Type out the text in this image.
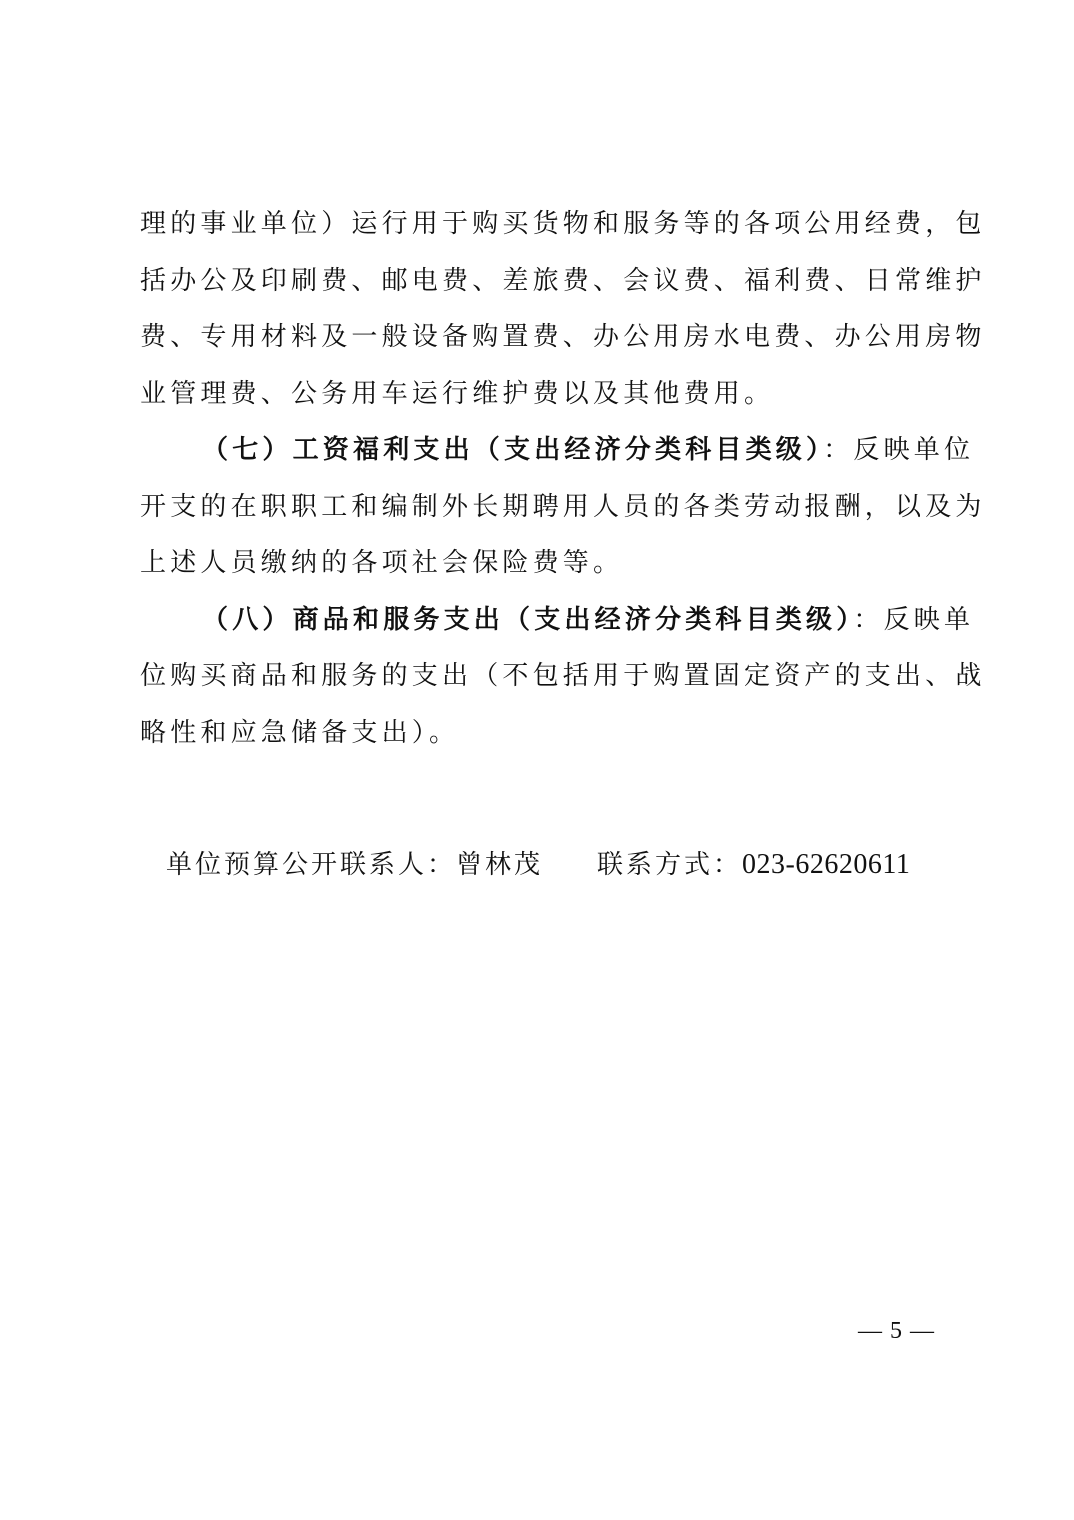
理的事业单位）运行用于购买货物和服务等的各项公用经费，包
括办公及印刷费、邮电费、差旅费、会议费、福利费、日常维护
费、专用材料及一般设备购置费、办公用房水电费、办公用房物
业管理费、公务用车运行维护费以及其他费用。

（七）工资福利支出（支出经济分类科目类级）：反映单位
开支的在职职工和编制外长期聘用人员的各类劳动报酬，以及为
上述人员缴纳的各项社会保险费等。

（八）商品和服务支出（支出经济分类科目类级）：反映单
位购买商品和服务的支出（不包括用于购置固定资产的支出、战
略性和应急储备支出）。

单位预算公开联系人：曾林茂 联系方式：023-62620611
— 5 —
